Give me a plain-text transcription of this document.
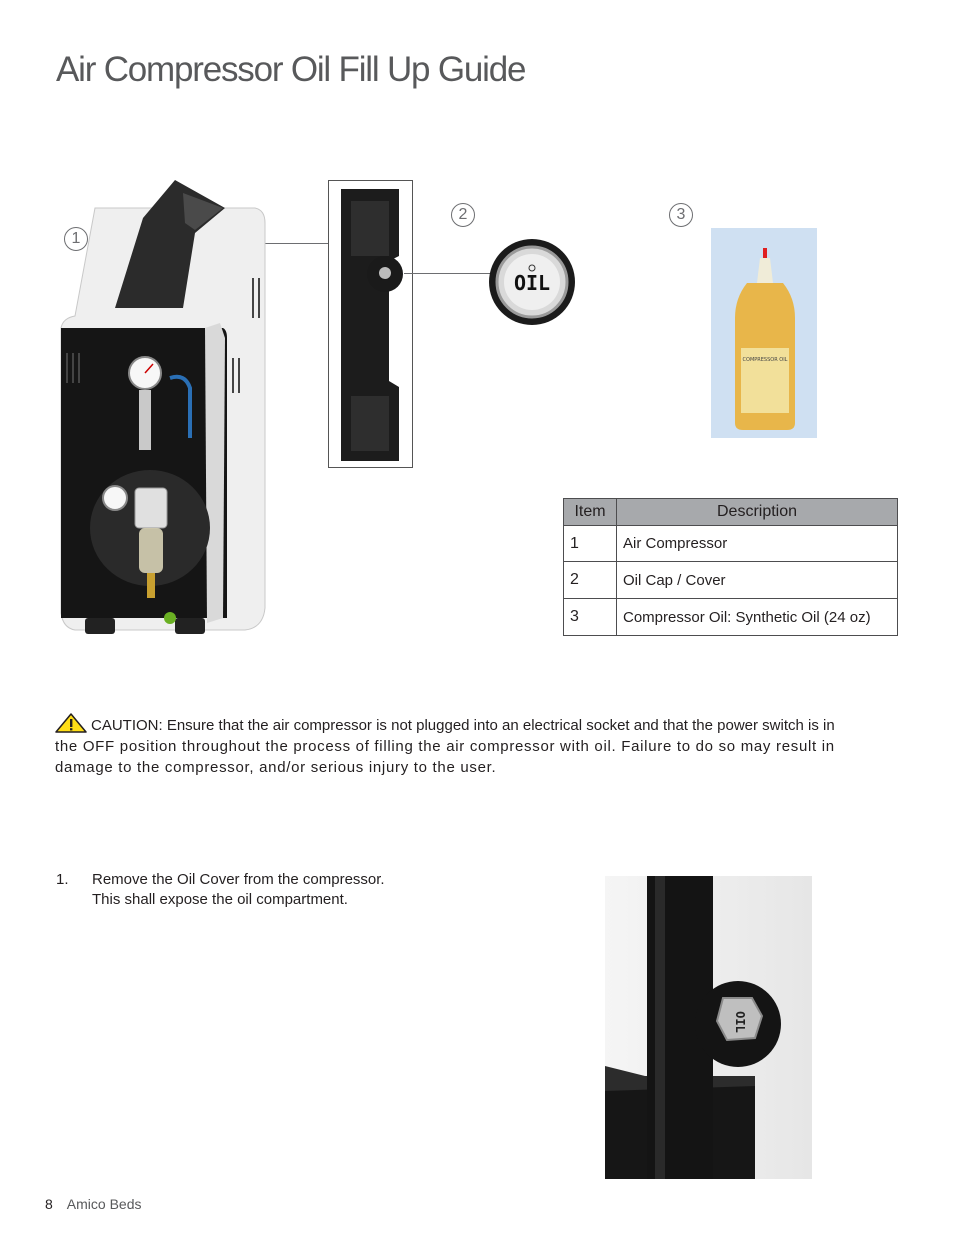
Air Compressor Oil Fill Up Guide
1
2
OIL
3
COMPRESSOR OIL
Item	Description
1	Air Compressor
2	Oil Cap / Cover
3	Compressor Oil: Synthetic Oil (24 oz)

CAUTION: Ensure that the air compressor is not plugged into an electrical socket and that the power switch is in
the OFF position throughout the process of filling the air compressor with oil. Failure to do so may result in
damage to the compressor, and/or serious injury to the user.

1. Remove the Oil Cover from the compressor.
This shall expose the oil compartment.
OIL
8 Amico Beds
